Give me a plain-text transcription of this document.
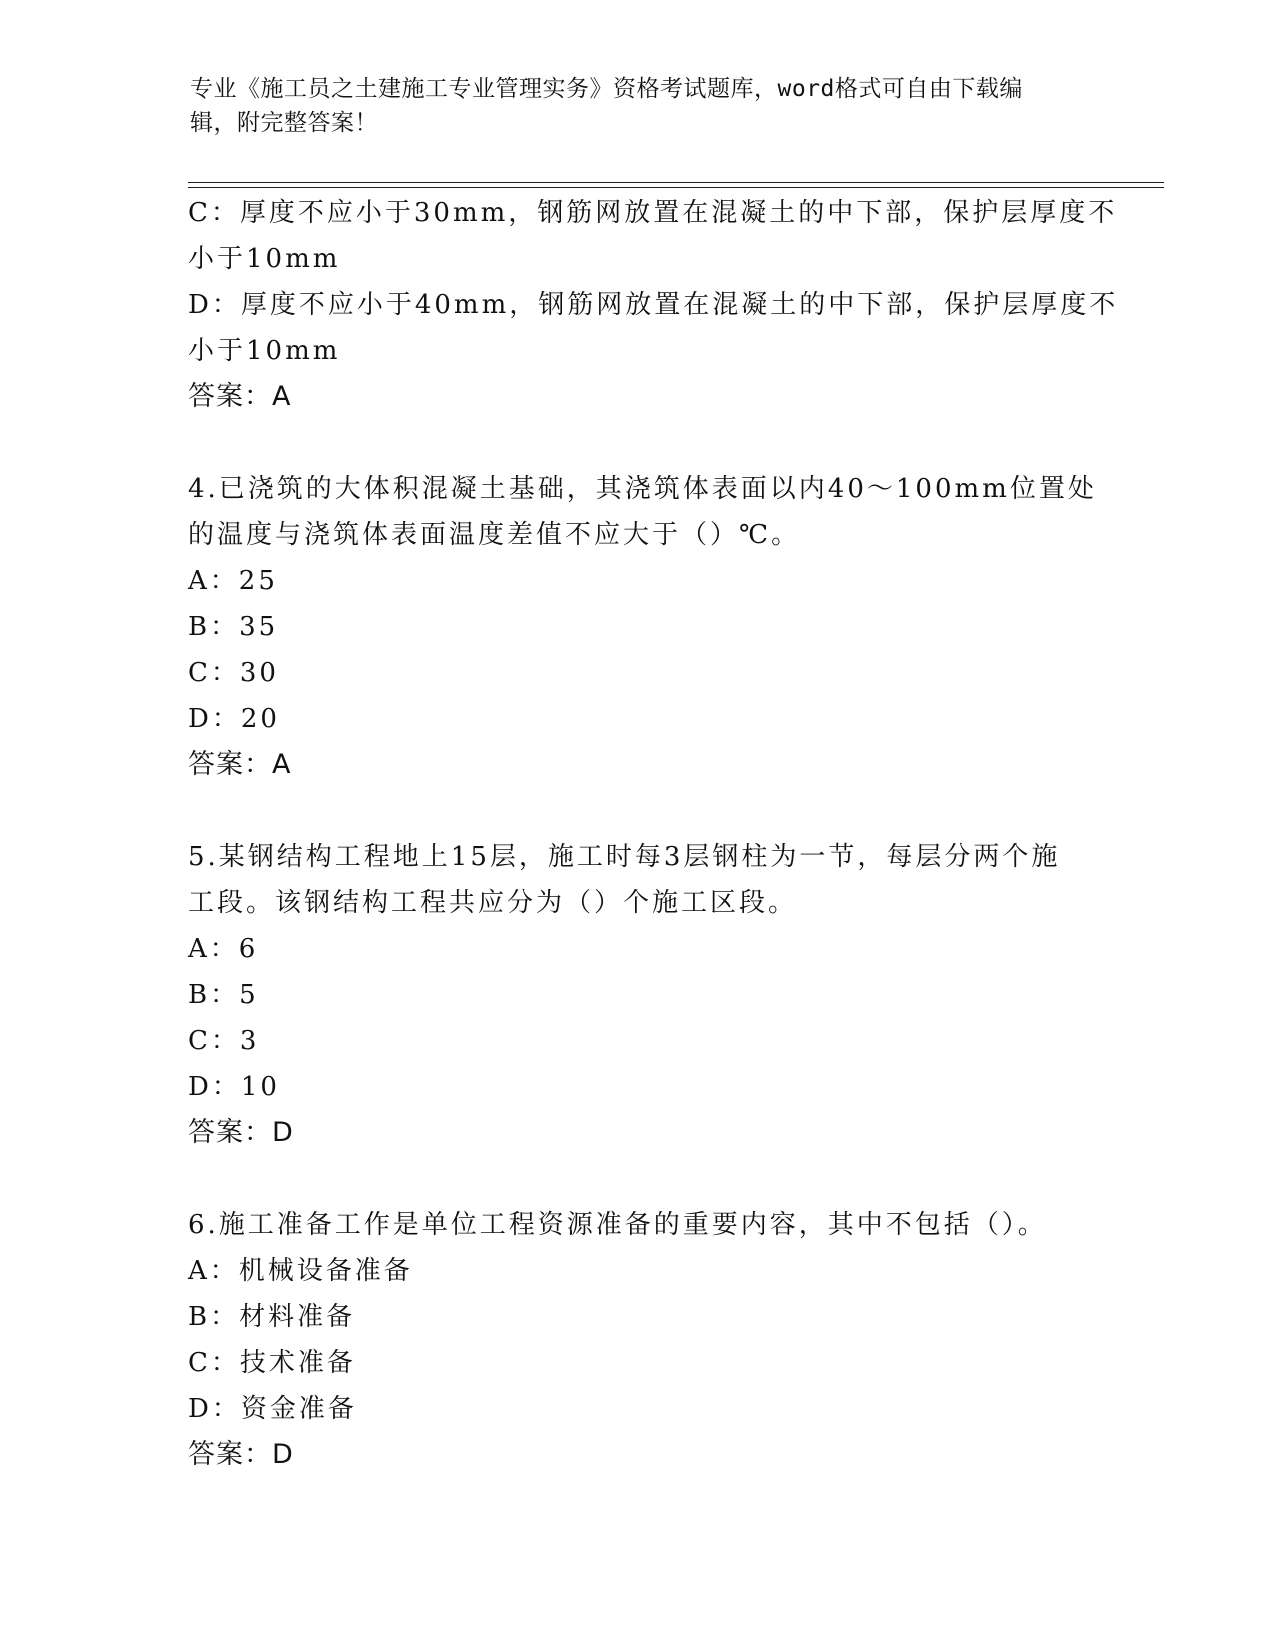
专业《施工员之土建施工专业管理实务》资格考试题库，word格式可自由下载编
辑，附完整答案！
C：厚度不应小于30mm，钢筋网放置在混凝土的中下部，保护层厚度不
小于10mm
D：厚度不应小于40mm，钢筋网放置在混凝土的中下部，保护层厚度不
小于10mm
答案：A
4.已浇筑的大体积混凝土基础，其浇筑体表面以内40～100mm位置处
的温度与浇筑体表面温度差值不应大于（）℃。
A：25
B：35
C：30
D：20
答案：A
5.某钢结构工程地上15层，施工时每3层钢柱为一节，每层分两个施
工段。该钢结构工程共应分为（）个施工区段。
A：6
B：5
C：3
D：10
答案：D
6.施工准备工作是单位工程资源准备的重要内容，其中不包括（）。
A：机械设备准备
B：材料准备
C：技术准备
D：资金准备
答案：D
